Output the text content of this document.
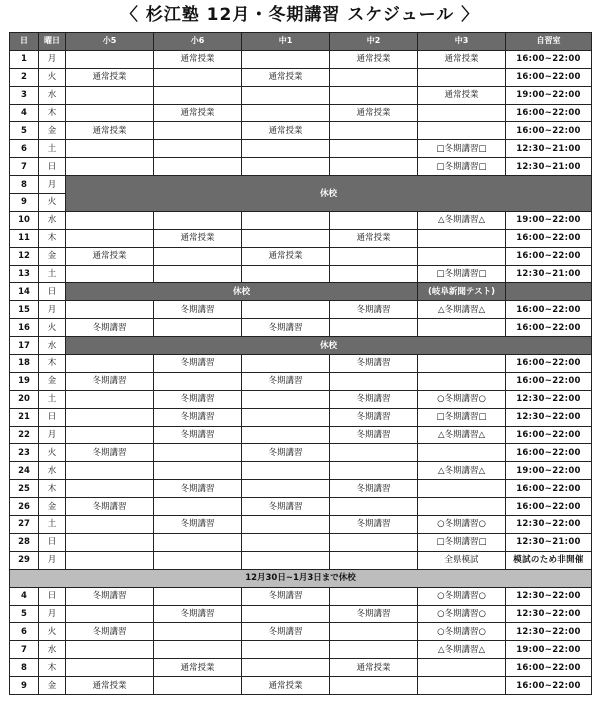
〈 杉江塾 12月・冬期講習 スケジュール 〉
日	曜日	小5	小6	中1	中2	中3	自習室
1	月		通常授業		通常授業	通常授業	16:00~22:00
2	火	通常授業		通常授業			16:00~22:00
3	水					通常授業	19:00~22:00
4	木		通常授業		通常授業		16:00~22:00
5	金	通常授業		通常授業			16:00~22:00
6	土					□冬期講習□	12:30~21:00
7	日					□冬期講習□	12:30~21:00
8	月	休校					
9	火						
10	水					△冬期講習△	19:00~22:00
11	木		通常授業		通常授業		16:00~22:00
12	金	通常授業		通常授業			16:00~22:00
13	土					□冬期講習□	12:30~21:00
14	日	休校				(岐阜新聞テスト)	
15	月		冬期講習		冬期講習	△冬期講習△	16:00~22:00
16	火	冬期講習		冬期講習			16:00~22:00
17	水	休校					
18	木		冬期講習		冬期講習		16:00~22:00
19	金	冬期講習		冬期講習			16:00~22:00
20	土		冬期講習		冬期講習	○冬期講習○	12:30~22:00
21	日		冬期講習		冬期講習	□冬期講習□	12:30~22:00
22	月		冬期講習		冬期講習	△冬期講習△	16:00~22:00
23	火	冬期講習		冬期講習			16:00~22:00
24	水					△冬期講習△	19:00~22:00
25	木		冬期講習		冬期講習		16:00~22:00
26	金	冬期講習		冬期講習			16:00~22:00
27	土		冬期講習		冬期講習	○冬期講習○	12:30~22:00
28	日					□冬期講習□	12:30~21:00
29	月					全県模試	模試のため非開催
12月30日~1月3日まで休校							
4	日	冬期講習		冬期講習		○冬期講習○	12:30~22:00
5	月		冬期講習		冬期講習	○冬期講習○	12:30~22:00
6	火	冬期講習		冬期講習		○冬期講習○	12:30~22:00
7	水					△冬期講習△	19:00~22:00
8	木		通常授業		通常授業		16:00~22:00
9	金	通常授業		通常授業			16:00~22:00
